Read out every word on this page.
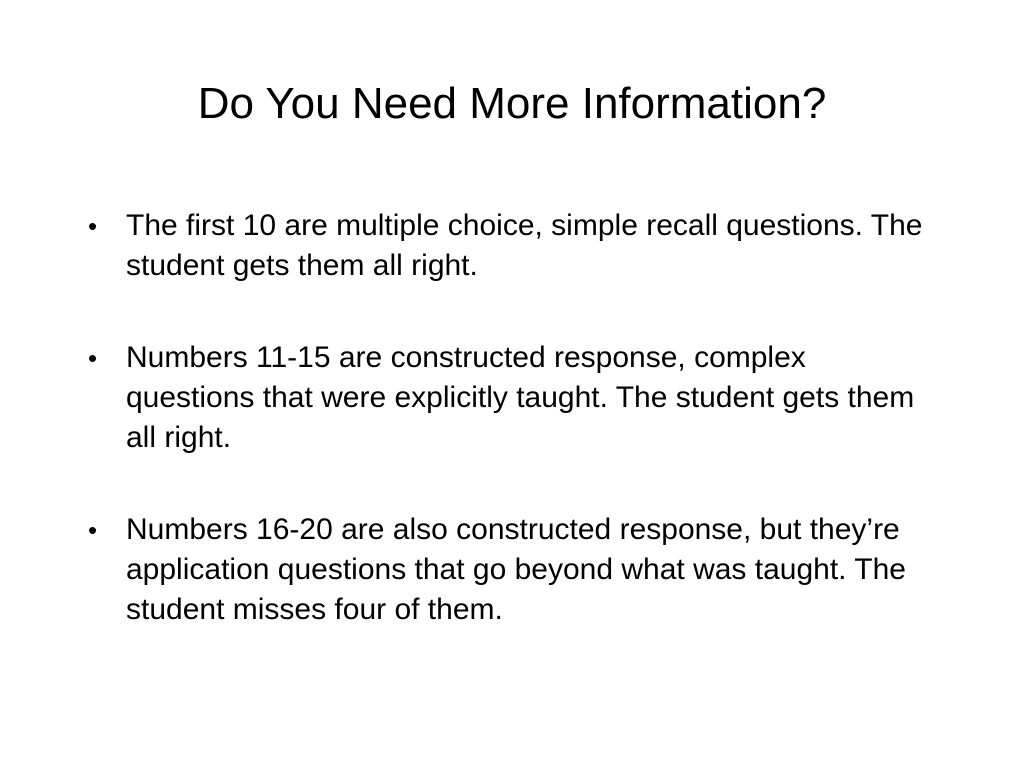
Do You Need More Information?
• The first 10 are multiple choice, simple recall questions. The student gets them all right.
• Numbers 11-15 are constructed response, complex questions that were explicitly taught. The student gets them all right.
• Numbers 16-20 are also constructed response, but they’re application questions that go beyond what was taught. The student misses four of them.
